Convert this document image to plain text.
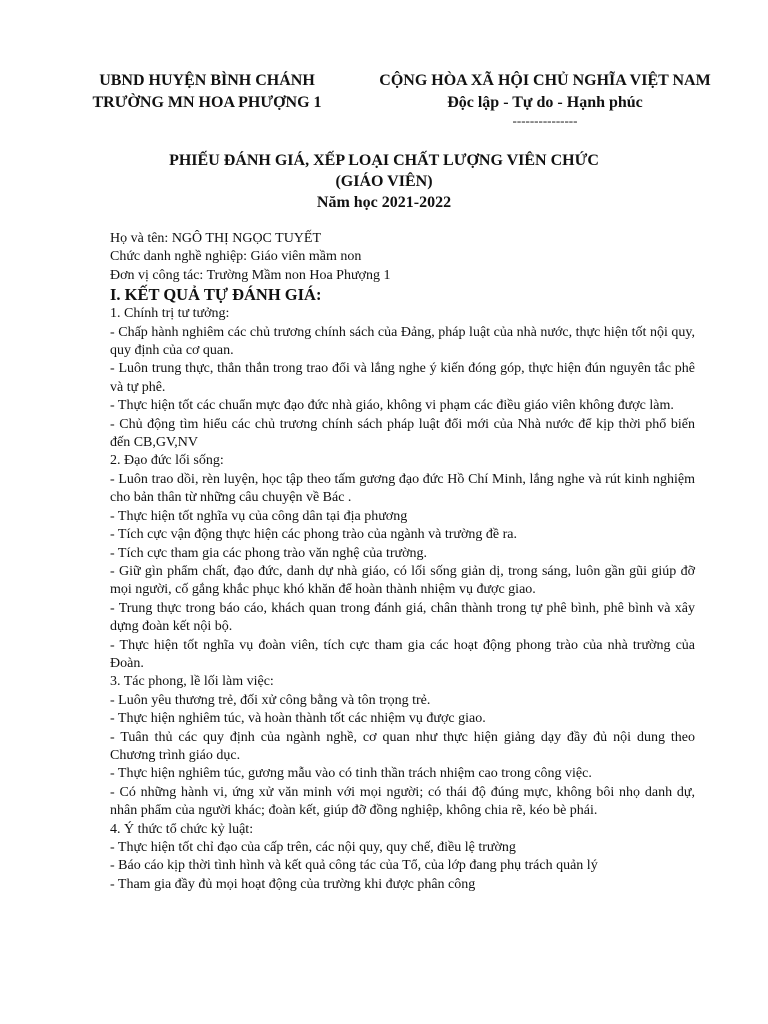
UBND HUYỆN BÌNH CHÁNH
TRƯỜNG MN HOA PHƯỢNG 1
CỘNG HÒA XÃ HỘI CHỦ NGHĨA VIỆT NAM
Độc lập - Tự do - Hạnh phúc
---------------
PHIẾU ĐÁNH GIÁ, XẾP LOẠI CHẤT LƯỢNG VIÊN CHỨC
(GIÁO VIÊN)
Năm học 2021-2022

Họ và tên: NGÔ THỊ NGỌC TUYẾT

Chức danh nghề nghiệp: Giáo viên mầm non

Đơn vị công tác: Trường Mầm non Hoa Phượng 1

I. KẾT QUẢ TỰ ĐÁNH GIÁ:

1. Chính trị tư tưởng:

- Chấp hành nghiêm các chủ trương chính sách của Đảng, pháp luật của nhà nước, thực hiện tốt nội quy, quy định của cơ quan.

- Luôn trung thực, thẳn thắn trong trao đổi và lắng nghe ý kiến đóng góp, thực hiện đún nguyên tắc phê và tự phê.

- Thực hiện tốt các chuẩn mực đạo đức nhà giáo, không vi phạm các điều giáo viên không được làm.

- Chủ động tìm hiểu các chủ trương chính sách pháp luật đổi mới của Nhà nước để kịp thời phổ biến đến CB,GV,NV

2. Đạo đức lối sống:

- Luôn trao dồi, rèn luyện, học tập theo tấm gương đạo đức Hồ Chí Minh, lắng nghe và rút kinh nghiệm cho bản thân từ những câu chuyện về Bác .

- Thực hiện tốt nghĩa vụ của công dân tại địa phương

- Tích cực vận động thực hiện các phong trào của ngành và trường đề ra.

- Tích cực tham gia các phong trào văn nghệ của trường.

- Giữ gìn phẩm chất, đạo đức, danh dự nhà giáo, có lối sống giản dị, trong sáng, luôn gần gũi giúp đỡ mọi người, cố gắng khắc phục khó khăn để hoàn thành nhiệm vụ được giao.

- Trung thực trong báo cáo, khách quan trong đánh giá, chân thành trong tự phê bình, phê bình và xây dựng đoàn kết nội bộ.

- Thực hiện tốt nghĩa vụ đoàn viên, tích cực tham gia các hoạt động phong trào của nhà trường của Đoàn.

3. Tác phong, lề lối làm việc:

- Luôn yêu thương trẻ, đối xử công bằng và tôn trọng trẻ.

- Thực hiện nghiêm túc, và hoàn thành tốt các nhiệm vụ được giao.

- Tuân thủ các quy định của ngành nghề, cơ quan như thực hiện giảng dạy đầy đủ nội dung theo Chương trình giáo dục.

- Thực hiện nghiêm túc, gương mẫu vào có tinh thần trách nhiệm cao trong công việc.

- Có những hành vi, ứng xử văn minh với mọi người; có thái độ đúng mực, không bôi nhọ danh dự, nhân phẩm của người khác; đoàn kết, giúp đỡ đồng nghiệp, không chia rẽ, kéo bè phái.

4. Ý thức tổ chức kỷ luật:

- Thực hiện tốt chỉ đạo của cấp trên, các nội quy, quy chế, điều lệ trường

- Báo cáo kịp thời tình hình và kết quả công tác của Tổ, của lớp đang phụ trách quản lý

- Tham gia đầy đủ mọi hoạt động của trường khi được phân công
